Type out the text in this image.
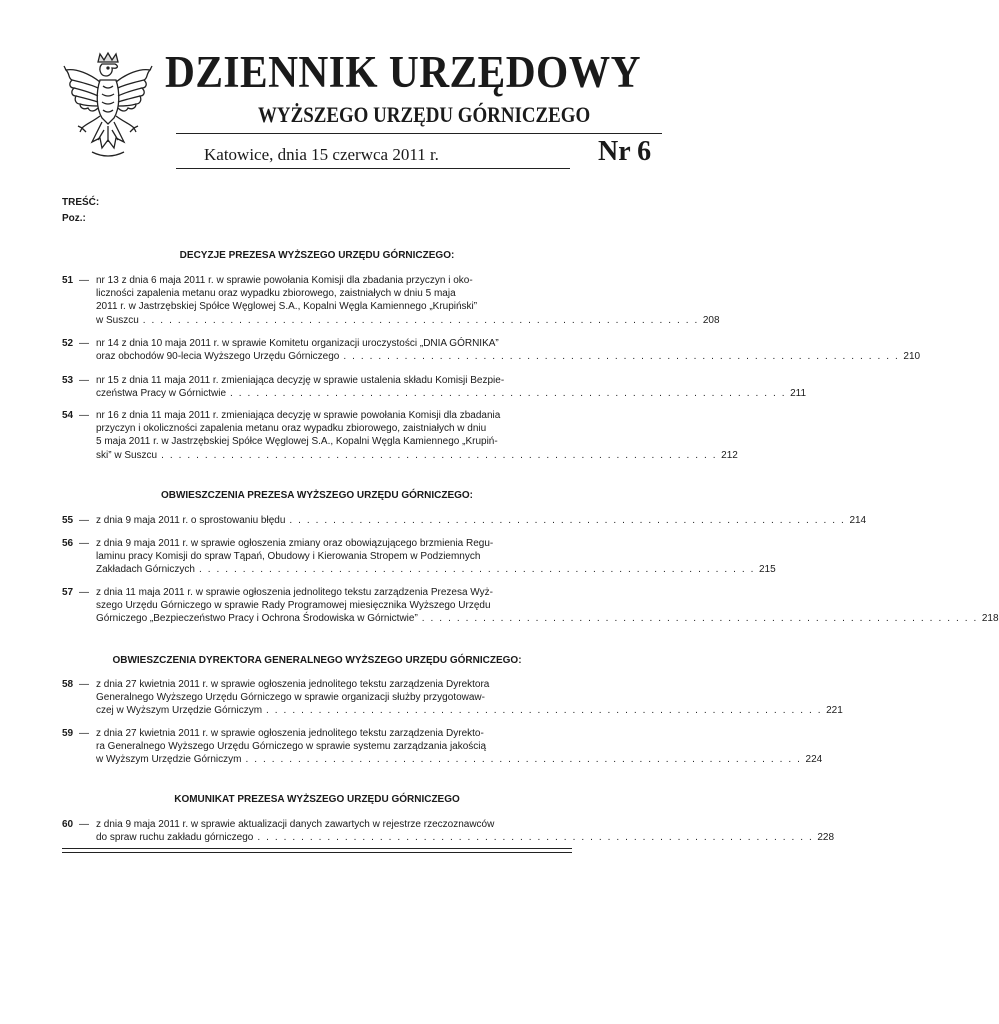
DZIENNIK URZĘDOWY
WYŻSZEGO URZĘDU GÓRNICZEGO
Katowice, dnia 15 czerwca 2011 r.	Nr 6
TREŚĆ:
Poz.:
DECYZJE PREZESA WYŻSZEGO URZĘDU GÓRNICZEGO:
OBWIESZCZENIA PREZESA WYŻSZEGO URZĘDU GÓRNICZEGO:
OBWIESZCZENIA DYREKTORA GENERALNEGO WYŻSZEGO URZĘDU GÓRNICZEGO:
KOMUNIKAT PREZESA WYŻSZEGO URZĘDU GÓRNICZEGO
51 — nr 13 z dnia 6 maja 2011 r. w sprawie powołania Komisji dla zbadania przyczyn i oko-
liczności zapalenia metanu oraz wypadku zbiorowego, zaistniałych w dniu 5 maja
2011 r. w Jastrzębskiej Spółce Węglowej S.A., Kopalni Węgla Kamiennego „Krupiński”
w Suszcu . . . . . . . . . . . . . . . . . . . . . . . . . . . . . . . . . . . . . . . . . . . . . . . . . . . . . . . . . . . . . . . . 208
52 — nr 14 z dnia 10 maja 2011 r. w sprawie Komitetu organizacji uroczystości „DNIA GÓRNIKA”
oraz obchodów 90-lecia Wyższego Urzędu Górniczego . . . . . . . . . . . . . . . . . . . . . . . . . . . . . . . . . . . . . . . . . . . . . . . . . . . . . . . . . . . . . . . . 210
53 — nr 15 z dnia 11 maja 2011 r. zmieniająca decyzję w sprawie ustalenia składu Komisji Bezpie-
czeństwa Pracy w Górnictwie . . . . . . . . . . . . . . . . . . . . . . . . . . . . . . . . . . . . . . . . . . . . . . . . . . . . . . . . . . . . . . . . 211
54 — nr 16 z dnia 11 maja 2011 r. zmieniająca decyzję w sprawie powołania Komisji dla zbadania
przyczyn i okoliczności zapalenia metanu oraz wypadku zbiorowego, zaistniałych w dniu
5 maja 2011 r. w Jastrzębskiej Spółce Węglowej S.A., Kopalni Węgla Kamiennego „Krupiń-
ski” w Suszcu . . . . . . . . . . . . . . . . . . . . . . . . . . . . . . . . . . . . . . . . . . . . . . . . . . . . . . . . . . . . . . . . 212
55 — z dnia 9 maja 2011 r. o sprostowaniu błędu . . . . . . . . . . . . . . . . . . . . . . . . . . . . . . . . . . . . . . . . . . . . . . . . . . . . . . . . . . . . . . . . 214
56 — z dnia 9 maja 2011 r. w sprawie ogłoszenia zmiany oraz obowiązującego brzmienia Regu-
laminu pracy Komisji do spraw Tąpań, Obudowy i Kierowania Stropem w Podziemnych
Zakładach Górniczych . . . . . . . . . . . . . . . . . . . . . . . . . . . . . . . . . . . . . . . . . . . . . . . . . . . . . . . . . . . . . . . . 215
57 — z dnia 11 maja 2011 r. w sprawie ogłoszenia jednolitego tekstu zarządzenia Prezesa Wyż-
szego Urzędu Górniczego w sprawie Rady Programowej miesięcznika Wyższego Urzędu
Górniczego „Bezpieczeństwo Pracy i Ochrona Środowiska w Górnictwie” . . . . . . . . . . . . . . . . . . . . . . . . . . . . . . . . . . . . . . . . . . . . . . . . . . . . . . . . . . . . . . . . 218
58 — z dnia 27 kwietnia 2011 r. w sprawie ogłoszenia jednolitego tekstu zarządzenia Dyrektora
Generalnego Wyższego Urzędu Górniczego w sprawie organizacji służby przygotowaw-
czej w Wyższym Urzędzie Górniczym . . . . . . . . . . . . . . . . . . . . . . . . . . . . . . . . . . . . . . . . . . . . . . . . . . . . . . . . . . . . . . . . 221
59 — z dnia 27 kwietnia 2011 r. w sprawie ogłoszenia jednolitego tekstu zarządzenia Dyrekto-
ra Generalnego Wyższego Urzędu Górniczego w sprawie systemu zarządzania jakością
w Wyższym Urzędzie Górniczym . . . . . . . . . . . . . . . . . . . . . . . . . . . . . . . . . . . . . . . . . . . . . . . . . . . . . . . . . . . . . . . . 224
60 — z dnia 9 maja 2011 r. w sprawie aktualizacji danych zawartych w rejestrze rzeczoznawców
do spraw ruchu zakładu górniczego . . . . . . . . . . . . . . . . . . . . . . . . . . . . . . . . . . . . . . . . . . . . . . . . . . . . . . . . . . . . . . . . 228
